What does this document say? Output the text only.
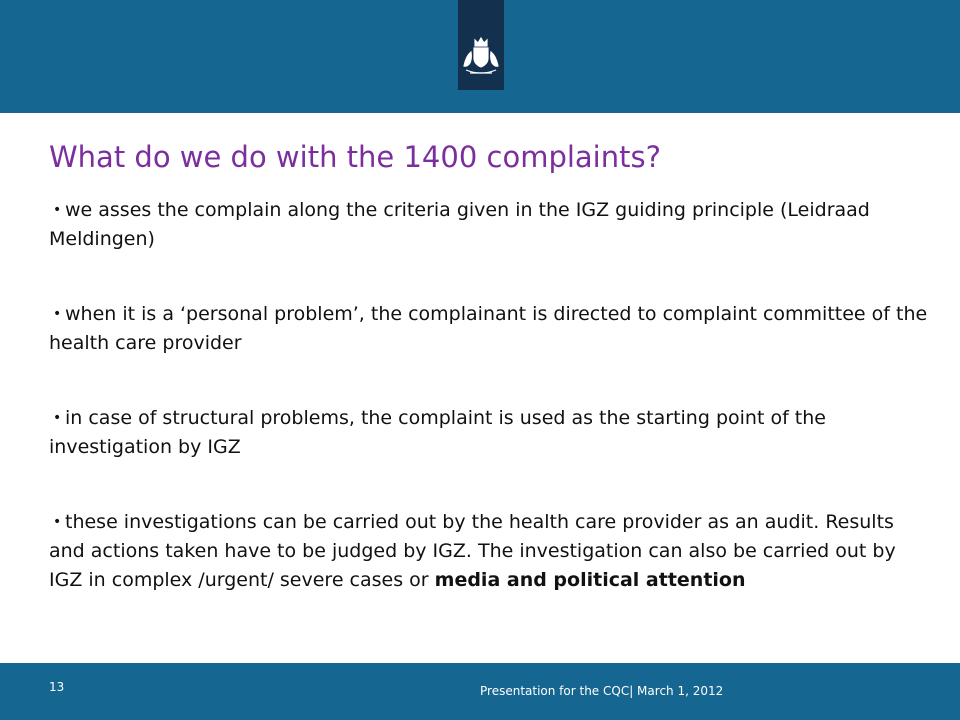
What do we do with the 1400 complaints?

• we asses the complain along the criteria given in the IGZ guiding principle (Leidraad Meldingen)

• when it is a ‘personal problem’, the complainant is directed to complaint committee of the health care provider

• in case of structural problems, the complaint is used as the starting point of the investigation by IGZ

• these investigations can be carried out by the health care provider as an audit. Results and actions taken have to be judged by IGZ. The investigation can also be carried out by IGZ in complex /urgent/ severe cases or media and political attention

13	Presentation for the CQC| March 1, 2012
